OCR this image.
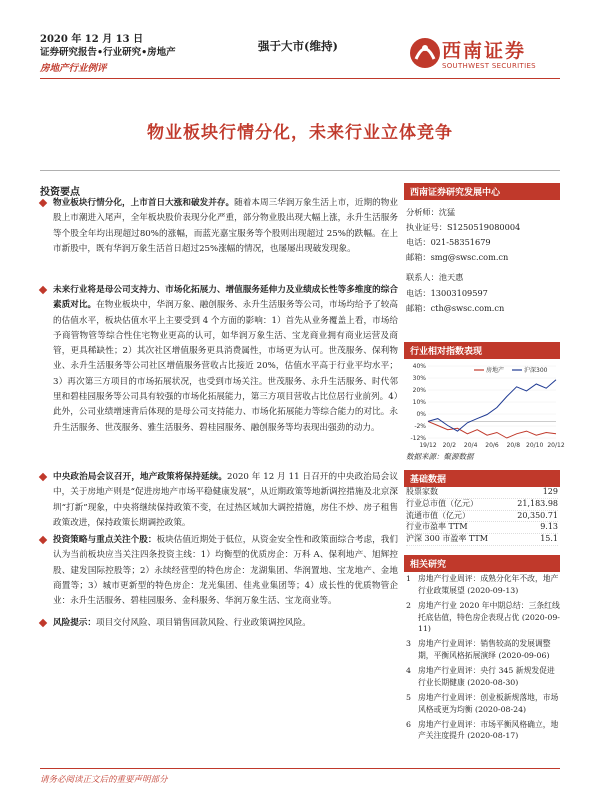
2020 年 12 月 13 日
证券研究报告•行业研究•房地产
房地产行业例评
强于大市(维持)	西南证券
SOUTHWEST SECURITIES
物业板块行情分化，未来行业立体竞争
投资要点
物业板块行情分化，上市首日大涨和破发并存。随着本周三华润万象生活上市，近期的物业股上市潮进入尾声，全年板块股价表现分化严重，部分物业股出现大幅上涨，永升生活服务等个股全年均出现超过80%的涨幅，而蓝光嘉宝服务等个股则出现超过 25%的跌幅。在上市新股中，既有华润万象生活首日超过25%涨幅的情况，也屡屡出现破发现象。
未来行业将是母公司支持力、市场化拓展力、增值服务延伸力及业绩成长性等多维度的综合素质对比。在物业板块中，华润万象、融创服务、永升生活服务等公司，市场均给予了较高的估值水平，板块估值水平上主要受到 4 个方面的影响：1）首先从业务覆盖上看，市场给予商管物管等综合性住宅物业更高的认可，如华润万象生活、宝龙商业拥有商业运营及商管，更具稀缺性；2）其次社区增值服务更具消费属性，市场更为认可。世茂服务、保利物业、永升生活服务等公司社区增值服务营收占比接近 20%，估值水平高于行业平均水平；3）再次第三方项目的市场拓展状况，也受到市场关注。世茂服务、永升生活服务、时代邻里和碧桂园服务等公司具有较强的市场化拓展能力，第三方项目营收占比位居行业前列。4）此外，公司业绩增速背后体现的是母公司支持能力、市场化拓展能力等综合能力的对比。永升生活服务、世茂服务、雅生活服务、碧桂园服务、融创服务等均表现出强劲的动力。
中央政治局会议召开，地产政策将保持延续。2020 年 12 月 11 日召开的中央政治局会议中，关于房地产则是“促进房地产市场平稳健康发展”，从近期政策等地新调控措施及北京深圳“打新”现象，中央将继续保持政策不变，在过热区域加大调控措施，房住不炒、房子租售政策改进，保持政策长期调控政策。
投资策略与重点关注个股：板块估值近期处于低位，从资金安全性和政策面综合考虑，我们认为当前板块应当关注四条投资主线：1）均衡型的优质房企：万科 A、保利地产、旭辉控股、建发国际控股等；2）永续经营型的特色房企：龙湖集团、华润置地、宝龙地产、金地商置等；3）城市更新型的特色房企：龙光集团、佳兆业集团等；4）成长性的优质物管企业：永升生活服务、碧桂园服务、金科服务、华润万象生活、宝龙商业等。
风险提示：项目交付风险、项目销售回款风险、行业政策调控风险。
西南证券研究发展中心
分析师：沈猛
执业证号：S1250519080004
电话：021-58351679
邮箱：smg@swsc.com.cn
联系人：池天惠
电话：13003109597
邮箱：cth@swsc.com.cn
行业相对指数表现
40%
30%
20%
10%
0%
-2%
-12%
19/12 20/2 20/4 20/6 20/8 20/10 20/12
房地产	沪深300
数据来源：聚源数据
基础数据
股票家数	129
行业总市值（亿元）	21,183.98
流通市值（亿元）	20,350.71
行业市盈率 TTM	9.13
沪深 300 市盈率 TTM	15.1
相关研究
1 房地产行业周评：成熟分化年不改，地产行业政策展望 (2020-09-13)
2 房地产行业 2020 年中期总结：三条红线托底估值，特色房企表现占优 (2020-09-11)
3 房地产行业周评：销售较高的发展调整期，平衡风格拓展演绎 (2020-09-06)
4 房地产行业周评：央行 345 新规发促进行业长期健康 (2020-08-30)
5 房地产行业周评：创业板新规落地，市场风格或更为均衡 (2020-08-24)
6 房地产行业周评：市场平衡风格确立，地产关注度提升 (2020-08-17)
请务必阅读正文后的重要声明部分
